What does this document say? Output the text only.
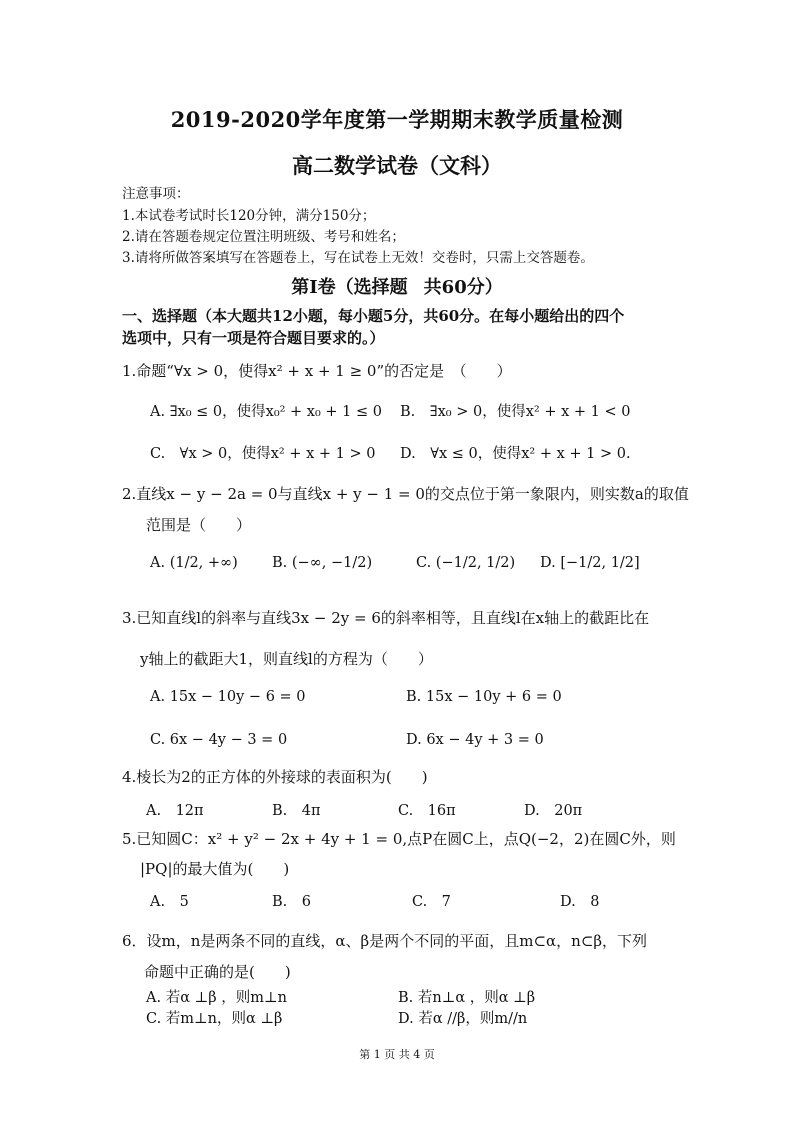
2019-2020学年度第一学期期末教学质量检测
高二数学试卷（文科）
注意事项：
1.本试卷考试时长120分钟，满分150分；
2.请在答题卷规定位置注明班级、考号和姓名；
3.请将所做答案填写在答题卷上，写在试卷上无效！交卷时，只需上交答题卷。
第Ⅰ卷（选择题 共60分）
一、选择题（本大题共12小题，每小题5分，共60分。在每小题给出的四个
选项中，只有一项是符合题目要求的。）
1.命题“∀x > 0，使得x² + x + 1 ≥ 0”的否定是　（　　）
A. ∃x₀ ≤ 0，使得x₀² + x₀ + 1 ≤ 0 B.　∃x₀ > 0，使得x² + x + 1 < 0
C.　∀x > 0，使得x² + x + 1 > 0 D.　∀x ≤ 0，使得x² + x + 1 > 0.
2.直线x − y − 2a = 0与直线x + y − 1 = 0的交点位于第一象限内，则实数a的取值
范围是（　　）
A. (1/2, +∞) B. (−∞, −1/2)	C. (−1/2, 1/2) D. [−1/2, 1/2]
3.已知直线l的斜率与直线3x − 2y = 6的斜率相等，且直线l在x轴上的截距比在
y轴上的截距大1，则直线l的方程为（　　）
A. 15x − 10y − 6 = 0	B. 15x − 10y + 6 = 0
C. 6x − 4y − 3 = 0	D. 6x − 4y + 3 = 0
4.棱长为2的正方体的外接球的表面积为(　　)
A.　12π	B.　4π	C.　16π	D.　20π
5.已知圆C：x² + y² − 2x + 4y + 1 = 0,点P在圆C上，点Q(−2，2)在圆C外，则
|PQ|的最大值为(　　)
A.　5	B.　6	C.　7	D.　8
6．设m，n是两条不同的直线，α、β是两个不同的平面，且m⊂α，n⊂β，下列
命题中正确的是(　　)
A. 若α ⊥β ，则m⊥n	B. 若n⊥α ，则α ⊥β
C. 若m⊥n，则α ⊥β	D. 若α //β，则m//n
第 1 页 共 4 页
